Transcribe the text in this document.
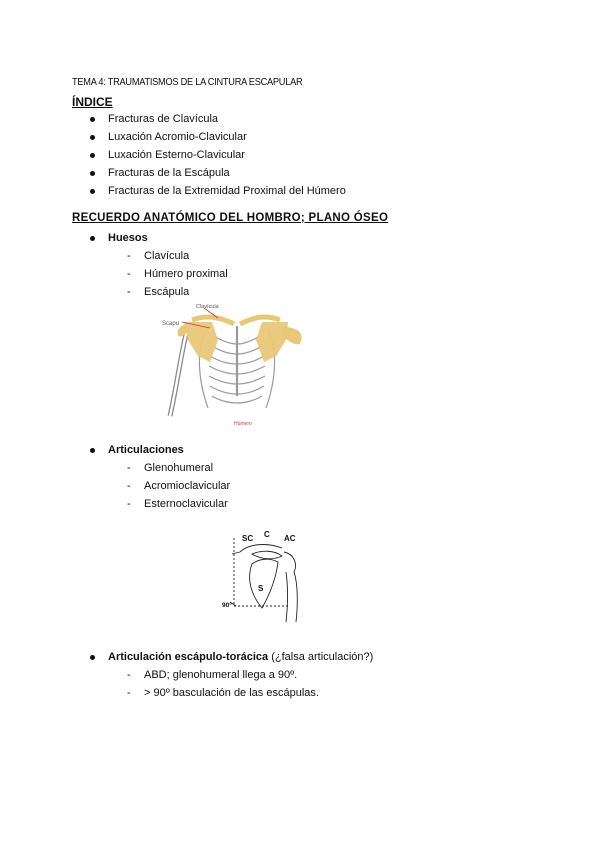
TEMA 4: TRAUMATISMOS DE LA CINTURA ESCAPULAR
ÍNDICE
Fracturas de Clavícula
Luxación Acromio-Clavicular
Luxación Esterno-Clavicular
Fracturas de la Escápula
Fracturas de la Extremidad Proximal del Húmero
RECUERDO ANATÓMICO DEL HOMBRO; PLANO ÓSEO
Huesos
- Clavícula
- Húmero proximal
- Escápula
Scapu
Clavícula
Húmero
Articulaciones
- Glenohumeral
- Acromioclavicular
- Esternoclavicular
SC C AC
S
90°
Articulación escápulo-torácica (¿falsa articulación?)
- ABD; glenohumeral llega a 90º.
- > 90º basculación de las escápulas.
